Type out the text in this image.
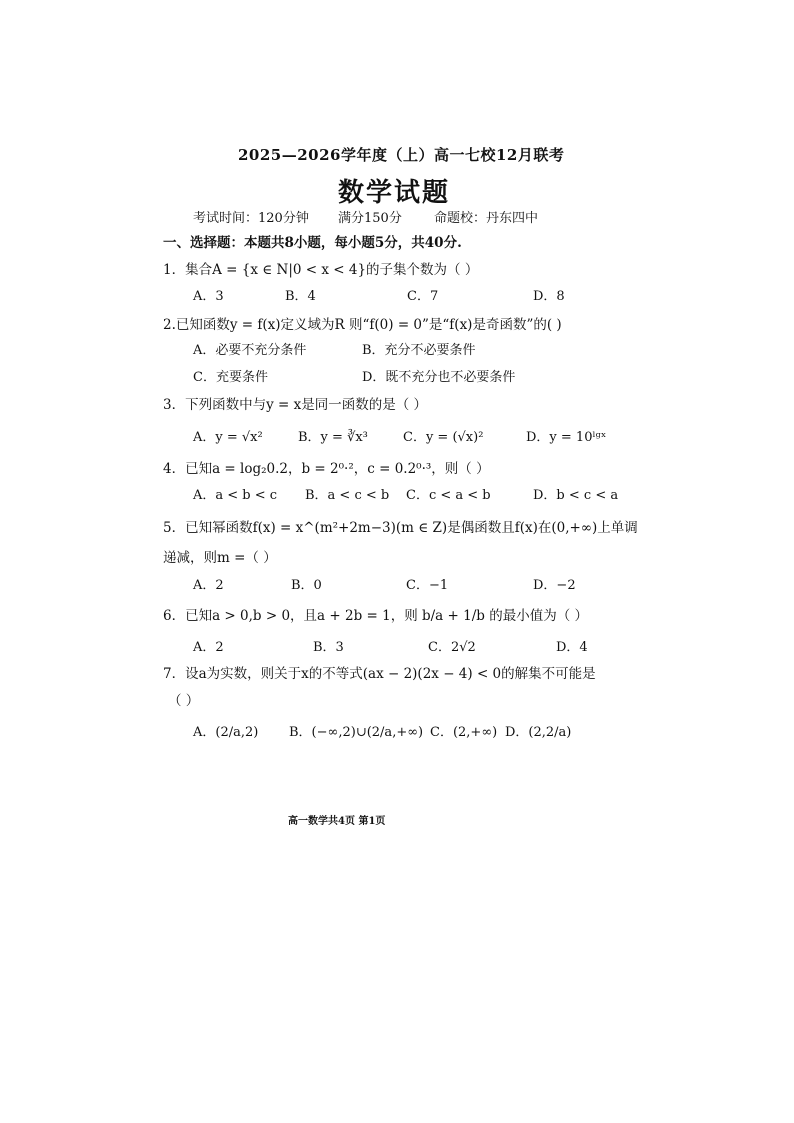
2025—2026学年度（上）高一七校12月联考
数学试题
考试时间：120分钟 满分150分 命题校：丹东四中
一、选择题：本题共8小题，每小题5分，共40分.
1．集合A = {x ∈ N|0 < x < 4}的子集个数为（ ）
A．3	B．4	C．7	D．8
2.已知函数y = f(x)定义域为R 则“f(0) = 0”是“f(x)是奇函数”的( )
A．必要不充分条件	B．充分不必要条件
C．充要条件	D．既不充分也不必要条件
3．下列函数中与y = x是同一函数的是（ ）
A．y = √x²	B．y = ∛x³	C．y = (√x)²	D．y = 10ˡᵍˣ
4．已知a = log₂0.2，b = 2⁰·²，c = 0.2⁰·³，则（ ）
A．a < b < c B．a < c < b C．c < a < b	D．b < c < a
5．已知幂函数f(x) = x^(m²+2m−3)(m ∈ Z)是偶函数且f(x)在(0,+∞)上单调
递减，则m =（ ）
A．2	B．0	C．−1	D．−2
6．已知a > 0,b > 0，且a + 2b = 1，则 b/a + 1/b 的最小值为（ ）
A．2	B．3	C．2√2	D．4
7．设a为实数，则关于x的不等式(ax − 2)(2x − 4) < 0的解集不可能是
（ ）
A．(2/a,2) B．(−∞,2)∪(2/a,+∞) C．(2,+∞) D．(2,2/a)
高一数学共4页 第1页
